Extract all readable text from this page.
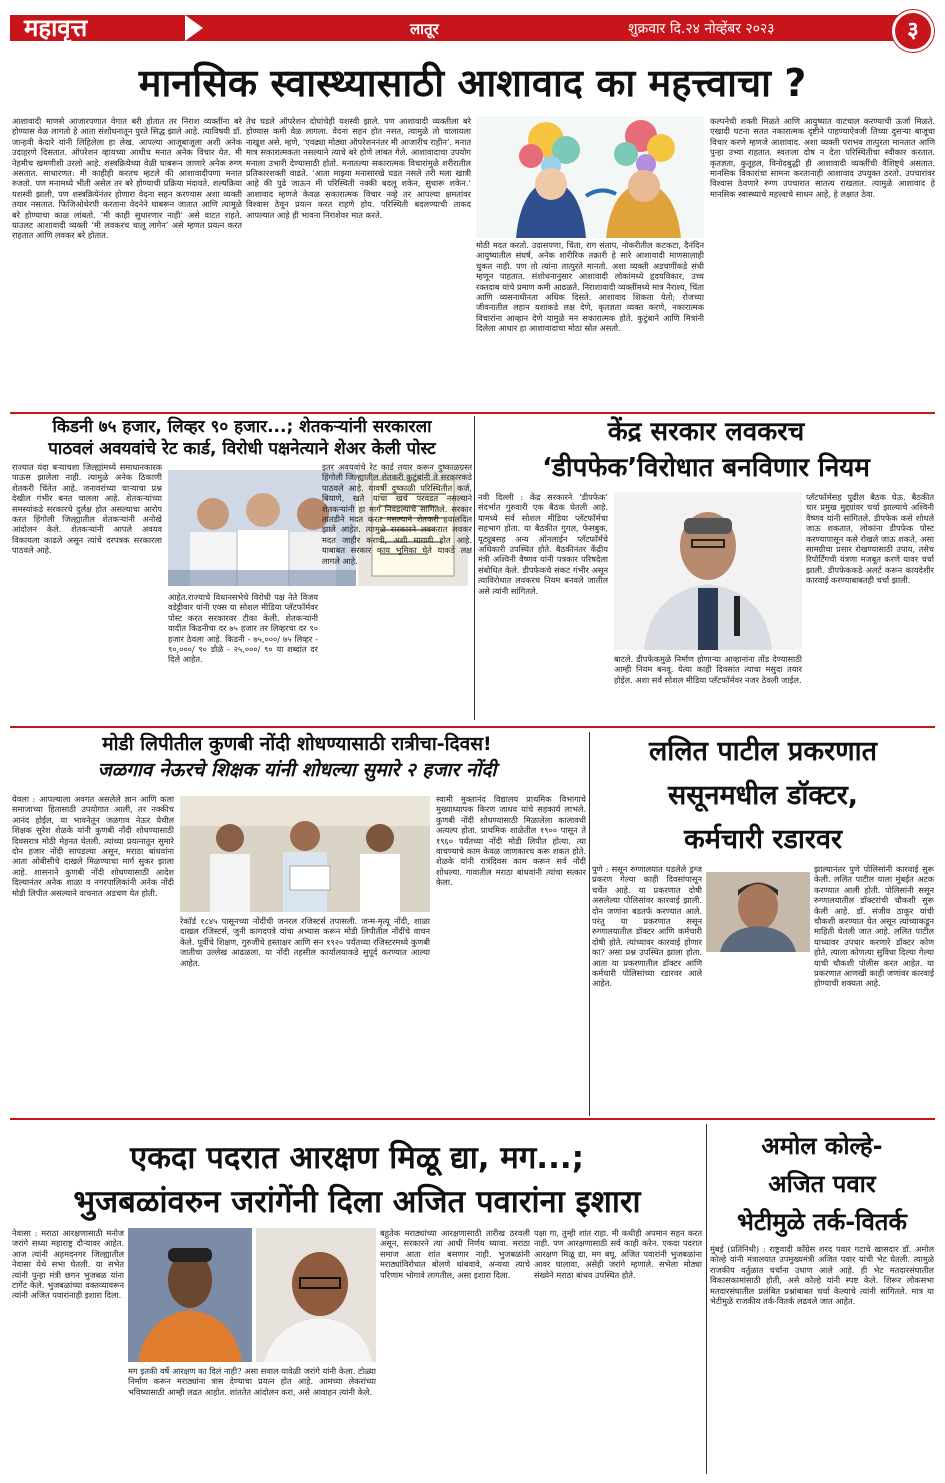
महावृत्त	लातूर	शुक्रवार दि.२४ नोव्हेंबर २०२३	३
मानसिक स्वास्थ्यासाठी आशावाद का महत्त्वाचा ?
आशावादी माणसे आजारपणात वेगात बरी होतात तर निराश व्यक्तींना बरे होण्यास वेळ लागतो हे आता संशोधनातून पुरते सिद्ध झाले आहे. त्याविषयी डॉ. जान्हवी केदारे यांनी लिहिलेला हा लेख. आपल्या आजूबाजूला अशी अनेक उदाहरणे दिसतात. ऑपरेशन व्हायच्या आधीच मनात अनेक विचार येत. मी नेहमीच खमणीशी उरलो आहे. शस्त्रक्रियेच्या वेळी घाबरून जाणारे अनेक रुग्ण असतात. साधारणत: मी काहीही करतच म्हटले की आशावादीपणा मनात रुजतो. पण मनामध्ये भीती असेल तर बरे होण्याची प्रक्रिया मंदावते. शल्यक्रिया यशस्वी झाली, पण शस्त्रक्रियेनंतर होणारा वेदना सहन करण्यास अशा व्यक्ती तयार नसतात. फिजिओथेरपी करताना वेदनेने घाबरून जातात आणि त्यामुळे बरे होण्याचा काळ लांबतो. ‘मी काही सुधारणार नाही’ असे वाटत राहते. याउलट आशावादी व्यक्ती ‘मी लवकरच चालू लागेन’ असे म्हणत प्रयत्न करत राहतात आणि लवकर बरे होतात.
तेच घडले ऑपरेशन दोघांचेही यशस्वी झाले. पण आशावादी व्यक्तीला बरे होण्यास कमी वेळ लागला. वेदना सहन होत नसत, त्यामुळे तो चालायला नाखूश असे. म्हणे, ‘एवढ्या मोठ्या ऑपरेशननंतर मी आजारीच राहीन’. मनात मात्र सकारात्मकता नसल्याने त्याचे बरे होणे लांबत गेले. आशावादाचा उपयोग मनाला उभारी देण्यासाठी होतो. मनातल्या सकारात्मक विचारांमुळे शरीरातील प्रतिकारशक्ती वाढते. ‘आता माझ्या मनासारखे घडत नसले तरी मला खात्री आहे की पुढे जाऊन मी परिस्थिती नक्की बदलू शकेन, सुधारू शकेन.’ आशावाद म्हणजे केवळ सकारात्मक विचार नव्हे तर आपल्या क्षमतांवर विश्वास ठेवून प्रयत्न करत राहणे होय. परिस्थिती बदलण्याची ताकद आपल्यात आहे ही भावना निराशेवर मात करते.
मोठी मदत करतो. उदासपणा, चिंता, राग संताप, नोकरीतील कटकटा, दैनंदिन आयुष्यातील संघर्ष, अनेक शारीरिक तक्रारी हे सारे आशावादी माणसालाही चुकत नाही. पण तो त्यांना तात्पुरते मानतो. अशा व्यक्ती अडचणींकडे संधी म्हणून पाहतात. संशोधनानुसार आशावादी लोकांमध्ये हृदयविकार, उच्च रक्तदाब यांचे प्रमाण कमी आढळते. निराशावादी व्यक्तींमध्ये मात्र नैराश्य, चिंता आणि व्यसनाधीनता अधिक दिसते. आशावाद शिकता येतो; रोजच्या जीवनातील लहान यशाकडे लक्ष देणे, कृतज्ञता व्यक्त करणे, नकारात्मक विचारांना आव्हान देणे यामुळे मन सकारात्मक होते. कुटुंबाने आणि मित्रांनी दिलेला आधार हा आशावादाचा मोठा स्रोत असतो.
कल्पनेची शक्ती मिळते आणि आयुष्यात वाटचाल करण्याची ऊर्जा मिळते. एखादी घटना सतत नकारात्मक दृष्टीने पाहण्याऐवजी तिच्या दुसऱ्या बाजूचा विचार करणे म्हणजे आशावाद. अशा व्यक्ती पराभव तात्पुरता मानतात आणि पुन्हा उभ्या राहतात. स्वतःला दोष न देता परिस्थितीचा स्वीकार करतात. कृतज्ञता, कुतूहल, विनोदबुद्धी ही आशावादी व्यक्तींची वैशिष्ट्ये असतात. मानसिक विकारांचा सामना करतानाही आशावाद उपयुक्त ठरतो. उपचारांवर विश्वास ठेवणारे रुग्ण उपचारात सातत्य राखतात. त्यामुळे आशावाद हे मानसिक स्वास्थ्याचे महत्त्वाचे साधन आहे, हे लक्षात ठेवा.
किडनी ७५ हजार, लिव्हर ९० हजार...; शेतकऱ्यांनी सरकारला
पाठवलं अवयवांचे रेट कार्ड, विरोधी पक्षनेत्याने शेअर केली पोस्ट
राज्यात यंदा बऱ्याचशा जिल्ह्यांमध्ये समाधानकारक पाऊस झालेला नाही. त्यामुळे अनेक ठिकाणी शेतकरी चिंतेत आहे. जनावरांच्या चाऱ्याचा प्रश्न देखील गंभीर बनत चालला आहे. शेतकऱ्यांच्या समस्यांकडे सरकारचे दुर्लक्ष होत असल्याचा आरोप करत हिंगोली जिल्ह्यातील शेतकऱ्यांनी अनोखे आंदोलन केले. शेतकऱ्यांनी आपले अवयव विकायला काढले असून त्यांचे दरपत्रक सरकारला पाठवले आहे.
आहेत.राज्याचे विधानसभेचे विरोधी पक्ष नेते विजय वडेट्टीवार यांनी एक्स या सोशल मीडिया प्लॅटफॉर्मवर पोस्ट करत सरकारवर टीका केली. शेतकऱ्यांनी यादीत किडनीचा दर ७५ हजार तर लिव्हरचा दर ९० हजार ठेवला आहे. किडनी - ७५,०००/ ७५ लिव्हर - ९०,०००/ ९० डोळे - २५,०००/ ९० या शब्दांत दर दिले आहेत.
इतर अवयवांचे रेट कार्ड तयार करून दुष्काळग्रस्त हिंगोली जिल्ह्यातील शेतकरी कुटुंबांनी ते सरकारकडे पाठवले आहे. यावर्षी दुष्काळी परिस्थितीत कर्ज, बियाणे, खते यांचा खर्च परवडत नसल्याने शेतकऱ्यांनी हा मार्ग निवडल्याचे सांगितले. सरकार तातडीने मदत करत नसल्याने शेतकरी हवालदिल झाले आहेत. त्यामुळे सरकारने लवकरात लवकर मदत जाहीर करावी, अशी मागणी होत आहे. याबाबत सरकार काय भूमिका घेते याकडे लक्ष लागले आहे.
केंद्र सरकार लवकरच
‘डीपफेक’विरोधात बनविणार नियम
नवी दिल्ली : केंद्र सरकारने ‘डीपफेक’ संदर्भात गुरुवारी एक बैठक घेतली आहे. यामध्ये सर्व सोशल मीडिया प्लॅटफॉर्मचा सहभाग होता. या बैठकीत गुगल, फेसबुक, यूट्यूबसह अन्य ऑनलाईन प्लॅटफॉर्मचे अधिकारी उपस्थित होते. बैठकीनंतर केंद्रीय मंत्री अश्विनी वैष्णव यांनी पत्रकार परिषदेला संबोधित केले. डीपफेकचे संकट गंभीर असून त्याविरोधात लवकरच नियम बनवले जातील असे त्यांनी सांगितले.
बाटले. डीपफेकमुळे निर्माण होणाऱ्या आव्हानांना तोंड देण्यासाठी आम्ही नियम बनवू. येत्या काही दिवसांत त्याचा मसुदा तयार होईल. अशा सर्व सोशल मीडिया प्लॅटफॉर्मवर नजर ठेवली जाईल.
प्लॅटफॉर्मसह पुढील बैठक घेऊ. बैठकीत चार प्रमुख मुद्द्यांवर चर्चा झाल्याचे अश्विनी वैष्णव यांनी सांगितले. डीपफेक कसे शोधले जाऊ शकतात, लोकांना डीपफेक पोस्ट करण्यापासून कसे रोखले जाऊ शकते, असा सामग्रीचा प्रसार रोखण्यासाठी उपाय, तसेच रिपोर्टिंगची यंत्रणा मजबूत करणे यावर चर्चा झाली. डीपफेककडे अलर्ट करून कायदेशीर कारवाई करण्याबाबतही चर्चा झाली.
मोडी लिपीतील कुणबी नोंदी शोधण्यासाठी रात्रीचा-दिवस!
जळगाव नेऊरचे शिक्षक यांनी शोधल्या सुमारे २ हजार नोंदी
येवला : आपल्याला अवगत असलेले ज्ञान आणि कला समाजाच्या हितासाठी उपयोगात आली, तर नक्कीच आनंद होईल, या भावनेतून जळगाव नेऊर येथील शिक्षक सुरेश शेळके यांनी कुणबी नोंदी शोधण्यासाठी दिवसरात्र मोठी मेहनत घेतली. त्यांच्या प्रयत्नातून सुमारे दोन हजार नोंदी सापडल्या असून, मराठा बांधवांना आता ओबीसीचे दाखले मिळण्याचा मार्ग सुकर झाला आहे. शासनाने कुणबी नोंदी शोधण्यासाठी आदेश दिल्यानंतर अनेक शाळा व नगरपालिकांनी अनेक नोंदी मोडी लिपीत असल्याने वाचनात अडचण येत होती.
रेकॉर्ड १८४५ पासूनच्या नोंदींची जनरल रजिस्टर्स तपासली. जन्म-मृत्यू नोंदी, शाळा दाखल रजिस्टर्स, जुनी कागदपत्रे यांचा अभ्यास करून मोडी लिपीतील नोंदींचे वाचन केले. पूर्वीचे शिक्षण, गुरुजींचे हस्ताक्षर आणि सन १९२० पर्यंतच्या रजिस्टरमध्ये कुणबी जातीचा उल्लेख आढळला. या नोंदी तहसील कार्यालयाकडे सुपूर्द करण्यात आल्या आहेत.
स्वामी मुक्तानंद विद्यालय प्राथमिक विभागाचे मुख्याध्यापक किरण जाधव यांचे सहकार्य लाभले. कुणबी नोंदी शोधण्यासाठी मिळालेला कालावधी अत्यल्प होता. प्राथमिक शाळेतील १९०० पासून ते १९६० पर्यंतच्या नोंदी मोडी लिपीत होत्या. त्या वाचण्याचे काम केवळ जाणकारच करू शकत होते. शेळके यांनी रात्रंदिवस काम करून सर्व नोंदी शोधल्या. गावातील मराठा बांधवांनी त्यांचा सत्कार केला.
ललित पाटील प्रकरणात
ससूनमधील डॉक्टर,
कर्मचारी रडारवर
पुणे : ससून रुग्णालयात घडलेले ड्रग्ज प्रकरण गेल्या काही दिवसांपासून चर्चेत आहे. या प्रकरणात दोषी असलेल्या पोलिसांवर कारवाई झाली. दोन जणांना बडतर्फ करण्यात आले. परंतु या प्रकरणात ससून रुग्णालयातील डॉक्टर आणि कर्मचारी दोषी होते. त्यांच्यावर कारवाई होणार का? असा प्रश्न उपस्थित झाला होता. आता या प्रकरणातील डॉक्टर आणि कर्मचारी पोलिसांच्या रडारवर आले आहेत.
झाल्यानंतर पुणे पोलिसांनी कारवाई सुरू केली. ललित पाटील याला मुंबईत अटक करण्यात आली होती. पोलिसांनी ससून रुग्णालयातील डॉक्टरांची चौकशी सुरू केली आहे. डॉ. संजीव ठाकूर यांची चौकशी करण्यात येत असून त्यांच्याकडून माहिती घेतली जात आहे. ललित पाटील याच्यावर उपचार करणारे डॉक्टर कोण होते, त्याला कोणत्या सुविधा दिल्या गेल्या याची चौकशी पोलीस करत आहेत. या प्रकरणात आणखी काही जणांवर कारवाई होण्याची शक्यता आहे.
एकदा पदरात आरक्षण मिळू द्या, मग...;
भुजबळांवरुन जरांगेंनी दिला अजित पवारांना इशारा
नेवासा : मराठा आरक्षणासाठी मनोज जरांगे सध्या महाराष्ट्र दौऱ्यावर आहेत. आज त्यांनी अहमदनगर जिल्ह्यातील नेवासा येथे सभा घेतली. या सभेत त्यांनी पुन्हा मंत्री छगन भुजबळ यांना टार्गेट केले. भुजबळांच्या वक्तव्यावरून त्यांनी अजित पवारांनाही इशारा दिला.
मग इतकी वर्षे आरक्षण का दिलं नाही? असा सवाल यावेळी जरांगे यांनी केला. टोळ्या निर्माण करून मराठ्यांना त्रास देण्याचा प्रयत्न होत आहे. आमच्या लेकरांच्या भविष्यासाठी आम्ही लढत आहोत. शांततेत आंदोलन करा, असे आवाहन त्यांनी केले.
बहुतेक मराठ्यांच्या आरक्षणासाठी तारीख ठरवली असून, सरकारने त्या आधी निर्णय घ्यावा. मराठा समाज आता शांत बसणार नाही. भुजबळांनी मराठ्यांविरोधात बोलणे थांबवावे, अन्यथा त्याचे परिणाम भोगावे लागतील, असा इशारा दिला.
पक्षा गा, तुम्ही शांत राहा. मी कधीही अपमान सहन करत नाही. पण आरक्षणासाठी सर्व काही करेन. एकदा पदरात आरक्षण मिळू द्या, मग बघू. अजित पवारांनी भुजबळांना आवर घालावा, असेही जरांगे म्हणाले. सभेला मोठ्या संख्येने मराठा बांधव उपस्थित होते.
अमोल कोल्हे-
अजित पवार
भेटीमुळे तर्क-वितर्क
मुंबई (प्रतिनिधी) : राष्ट्रवादी काँग्रेस शरद पवार गटाचे खासदार डॉ. अमोल कोल्हे यांनी मंत्रालयात उपमुख्यमंत्री अजित पवार यांची भेट घेतली. त्यामुळे राजकीय वर्तुळात चर्चांना उधाण आले आहे. ही भेट मतदारसंघातील विकासकामांसाठी होती, असे कोल्हे यांनी स्पष्ट केले. शिरूर लोकसभा मतदारसंघातील प्रलंबित प्रश्नांबाबत चर्चा केल्याचे त्यांनी सांगितले. मात्र या भेटीमुळे राजकीय तर्क-वितर्क लढवले जात आहेत.
